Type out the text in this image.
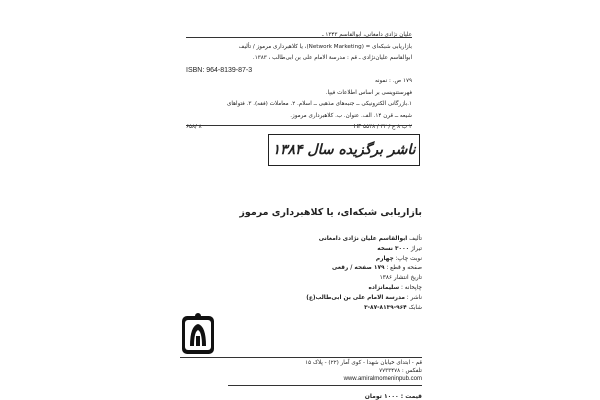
علیان نژادی دامغانی، ابوالقاسم ۱۳۴۳ ـ
بازاریابی شبکه‌ای = (Network Marketing)، یا کلاهبرداری مرموز / تألیف
ابوالقاسم علیان‌نژادی ـ قم : مدرسة الامام علی بن ابی‌طالب ، ۱۳۸۳.
ISBN: 964-8139-87-3
۱۷۹ ص. : نمونه
فهرستنویسی بر اساس اطلاعات فیپا.
۱.بازرگانی الکترونیکی ــ جنبه‌های مذهبی ــ اسلام. ۲. معاملات (فقه). ۳. فتواهای
شیعه ــ قرن ۱۴. الف. عنوان. ب. کلاهبرداری مرموز.
۶۵۸/ ۸	۲ ب ۸ ع / ۳۲ / ۵۵۴۸ HF
ناشر برگزیده سال ۱۳۸۴
بازاریابی شبکه‌ای، یا کلاهبرداری مرموز
تألیف ابوالقاسم علیان نژادی دامغانی
تیراژ ۳۰۰۰ نسخه
نوبت چاپ: چهارم
صفحه و قطع : ۱۷۹ صفحه / رقعی
تاریخ انتشار ۱۳۸۶
چاپخانه : سلیمانزاده
ناشر : مدرسة الامام علی بن ابی‌طالب(ع)
شابک ۹۶۴-۸۱۳۹-۸۷-۳
قم - ابتدای خیابان شهدا - کوی آمار (۲۲) - پلاک ۱۵
تلفکس : ۷۷۳۳۴۷۸
www.amiralmomeninpub.com
قیمت : ۱۰۰۰ تومان
